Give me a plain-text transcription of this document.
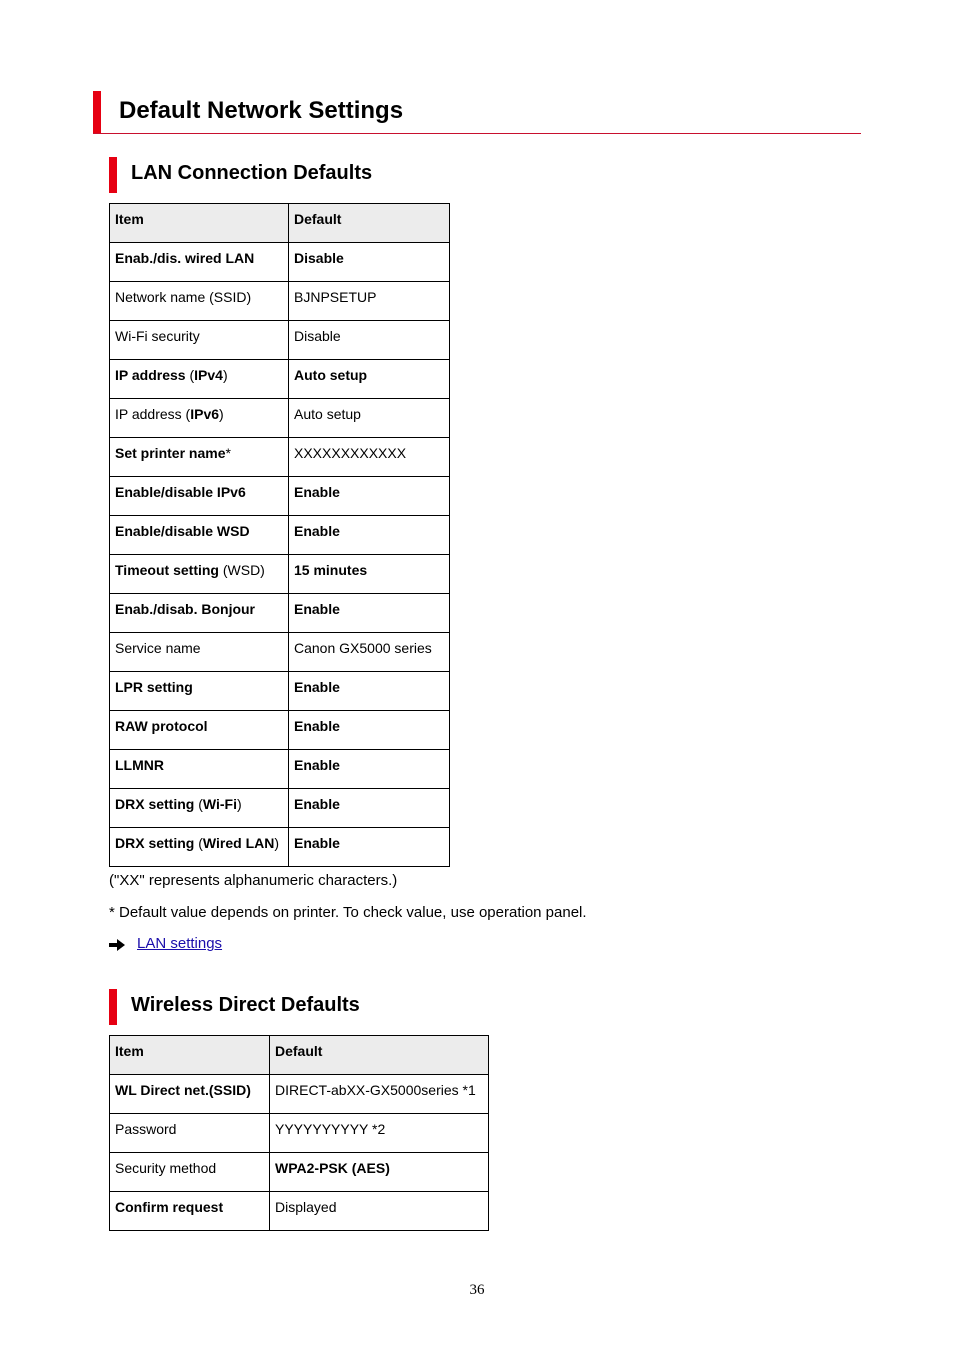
Default Network Settings
LAN Connection Defaults
Item	Default
Enab./dis. wired LAN	Disable
Network name (SSID)	BJNPSETUP
Wi-Fi security	Disable
IP address (IPv4)	Auto setup
IP address (IPv6)	Auto setup
Set printer name*	XXXXXXXXXXXX
Enable/disable IPv6	Enable
Enable/disable WSD	Enable
Timeout setting (WSD)	15 minutes
Enab./disab. Bonjour	Enable
Service name	Canon GX5000 series
LPR setting	Enable
RAW protocol	Enable
LLMNR	Enable
DRX setting (Wi-Fi)	Enable
DRX setting (Wired LAN)	Enable
("XX" represents alphanumeric characters.)
* Default value depends on printer. To check value, use operation panel.
LAN settings
Wireless Direct Defaults
Item	Default
WL Direct net.(SSID)	DIRECT-abXX-GX5000series *1
Password	YYYYYYYYYY *2
Security method	WPA2-PSK (AES)
Confirm request	Displayed
36
